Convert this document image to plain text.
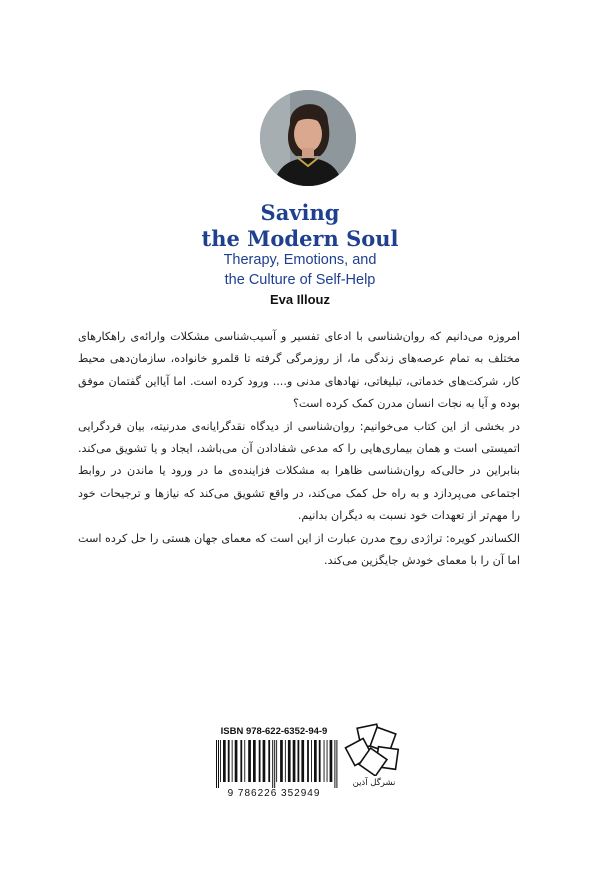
Saving
the Modern Soul
Therapy, Emotions, and
the Culture of Self-Help
Eva Illouz

امروزه می‌دانیم که روان‌شناسی با ادعای تفسیر و آسیب‌شناسی مشکلات وارائه‌ی راهکارهای مختلف به تمام عرصه‌های زندگی ما، از روزمرگی گرفته تا قلمرو خانواده، سازمان‌دهی محیط کار، شرکت‌های خدماتی، تبلیغاتی، نهادهای مدنی و.... ورود کرده است. اما آیااین گفتمان موفق بوده و آیا به نجات انسان مدرن کمک کرده است؟

در بخشی از این کتاب می‌خوانیم: روان‌شناسی از دیدگاه نقدگرایانه‌ی مدرنیته، بیان فردگرایی اتمیستی است و همان بیماری‌هایی را که مدعی شفادادن آن می‌باشد، ایجاد و یا تشویق می‌کند. بنابراین در حالی‌که روان‌شناسی ظاهرا به مشکلات فزاینده‌ی ما در ورود یا ماندن در روابط اجتماعی می‌پردازد و به راه حل کمک می‌کند، در واقع تشویق می‌کند که نیازها و ترجیحات خود را مهم‌تر از تعهدات خود نسبت به دیگران بدانیم.

الکساندر کویره: تراژدی روح مدرن عبارت از این است که معمای جهان هستی را حل کرده است اما آن را با معمای خودش جایگزین می‌کند.

ISBN 978-622-6352-94-9
9 786226 352949
نشرگل آذین
